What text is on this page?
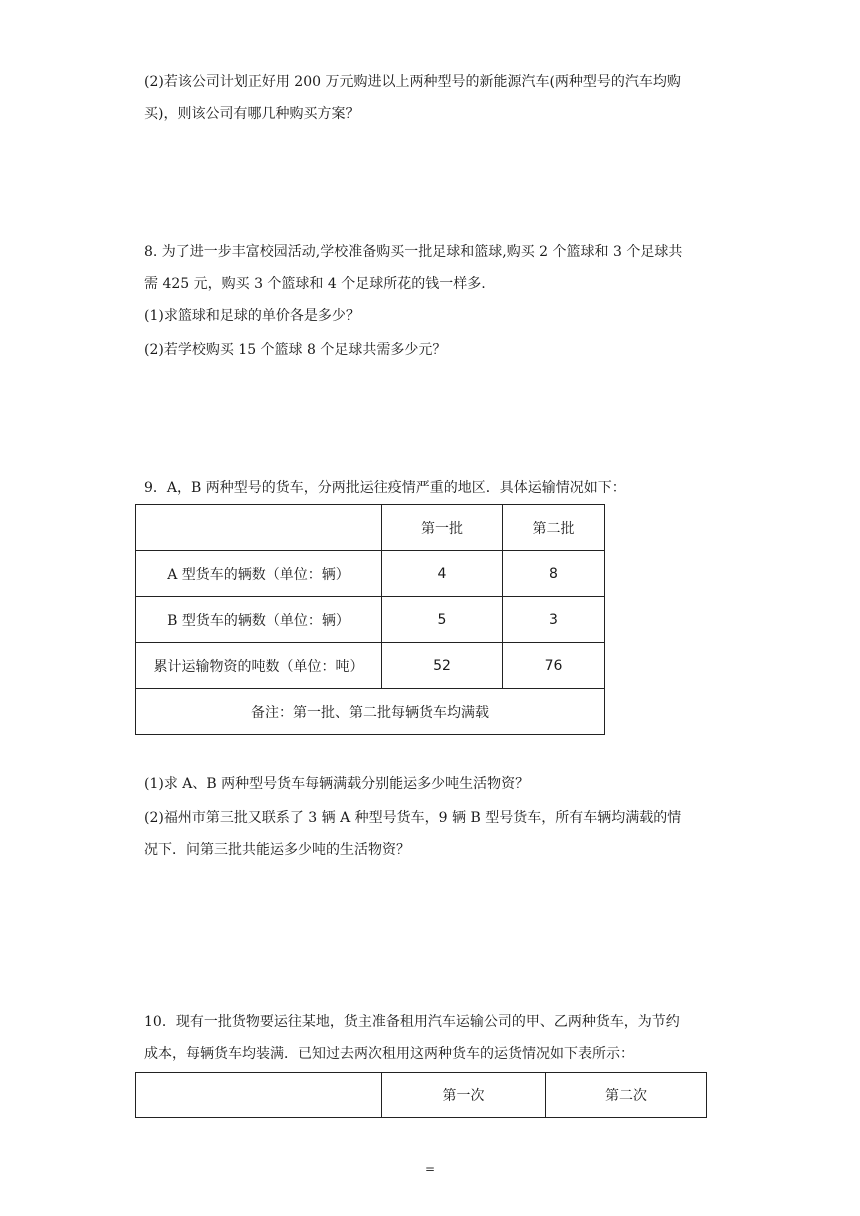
(2)若该公司计划正好用 200 万元购进以上两种型号的新能源汽车(两种型号的汽车均购
买)，则该公司有哪几种购买方案？
8. 为了进一步丰富校园活动,学校准备购买一批足球和篮球,购买 2 个篮球和 3 个足球共
需 425 元，购买 3 个篮球和 4 个足球所花的钱一样多.
(1)求篮球和足球的单价各是多少？
(2)若学校购买 15 个篮球 8 个足球共需多少元？
9．A，B 两种型号的货车，分两批运往疫情严重的地区．具体运输情况如下：
	第一批	第二批
A 型货车的辆数（单位：辆）	4	8
B 型货车的辆数（单位：辆）	5	3
累计运输物资的吨数（单位：吨）	52	76
备注：第一批、第二批每辆货车均满载		
(1)求 A、B 两种型号货车每辆满载分别能运多少吨生活物资？
(2)福州市第三批又联系了 3 辆 A 种型号货车，9 辆 B 型号货车，所有车辆均满载的情
况下．问第三批共能运多少吨的生活物资？
10．现有一批货物要运往某地，货主准备租用汽车运输公司的甲、乙两种货车，为节约
成本，每辆货车均装满．已知过去两次租用这两种货车的运货情况如下表所示：
	第一次	第二次
=
